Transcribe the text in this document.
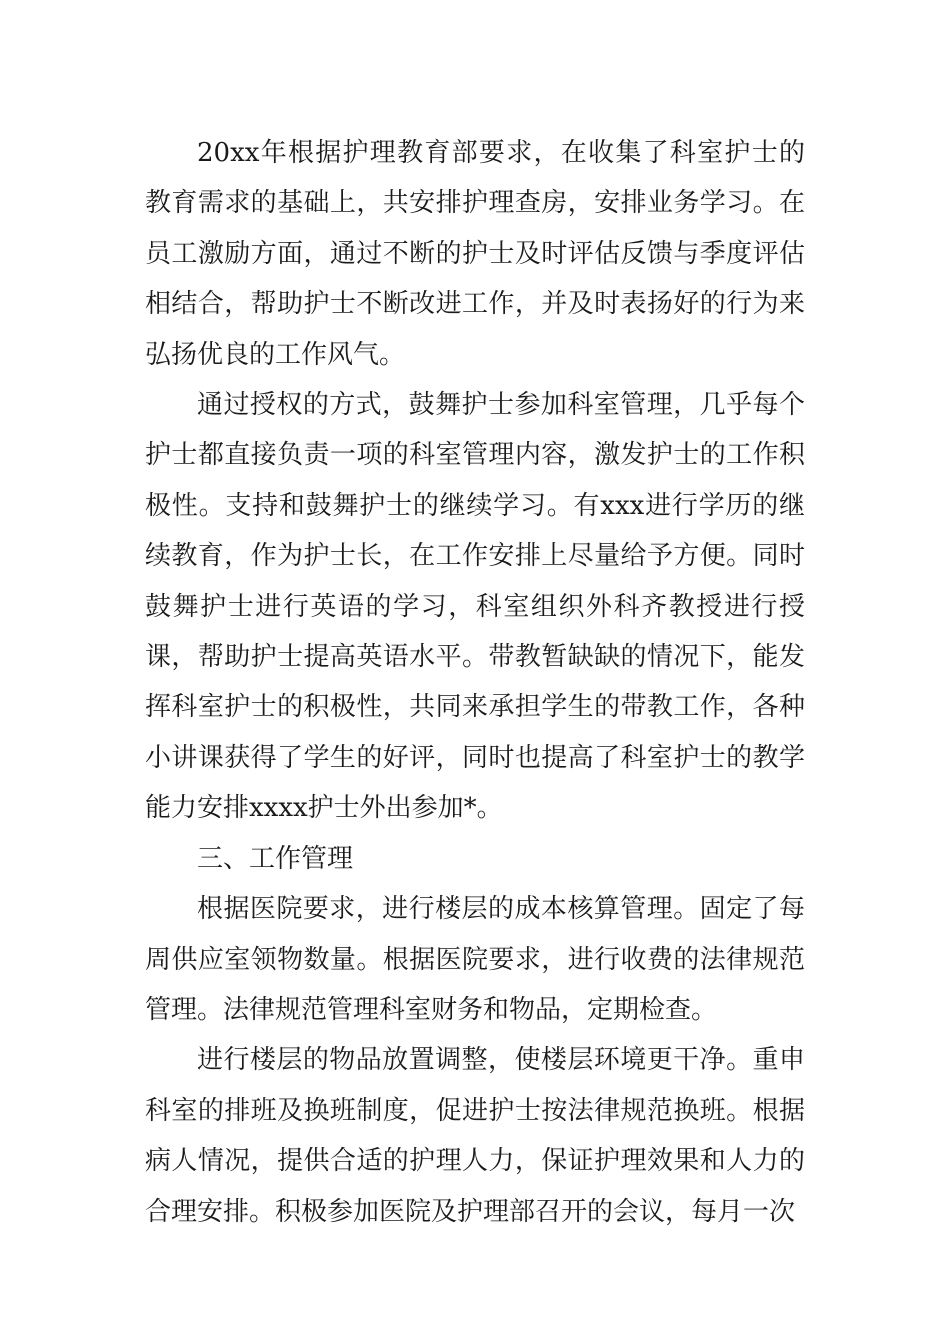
20xx年根据护理教育部要求，在收集了科室护士的教育需求的基础上，共安排护理查房，安排业务学习。在员工激励方面，通过不断的护士及时评估反馈与季度评估相结合，帮助护士不断改进工作，并及时表扬好的行为来弘扬优良的工作风气。

通过授权的方式，鼓舞护士参加科室管理，几乎每个护士都直接负责一项的科室管理内容，激发护士的工作积极性。支持和鼓舞护士的继续学习。有xxx进行学历的继续教育，作为护士长，在工作安排上尽量给予方便。同时鼓舞护士进行英语的学习，科室组织外科齐教授进行授课，帮助护士提高英语水平。带教暂缺缺的情况下，能发挥科室护士的积极性，共同来承担学生的带教工作，各种小讲课获得了学生的好评，同时也提高了科室护士的教学能力安排xxxx护士外出参加*。

三、工作管理

根据医院要求，进行楼层的成本核算管理。固定了每周供应室领物数量。根据医院要求，进行收费的法律规范管理。法律规范管理科室财务和物品，定期检查。

进行楼层的物品放置调整，使楼层环境更干净。重申科室的排班及换班制度，促进护士按法律规范换班。根据病人情况，提供合适的护理人力，保证护理效果和人力的合理安排。积极参加医院及护理部召开的会议，每月一次
